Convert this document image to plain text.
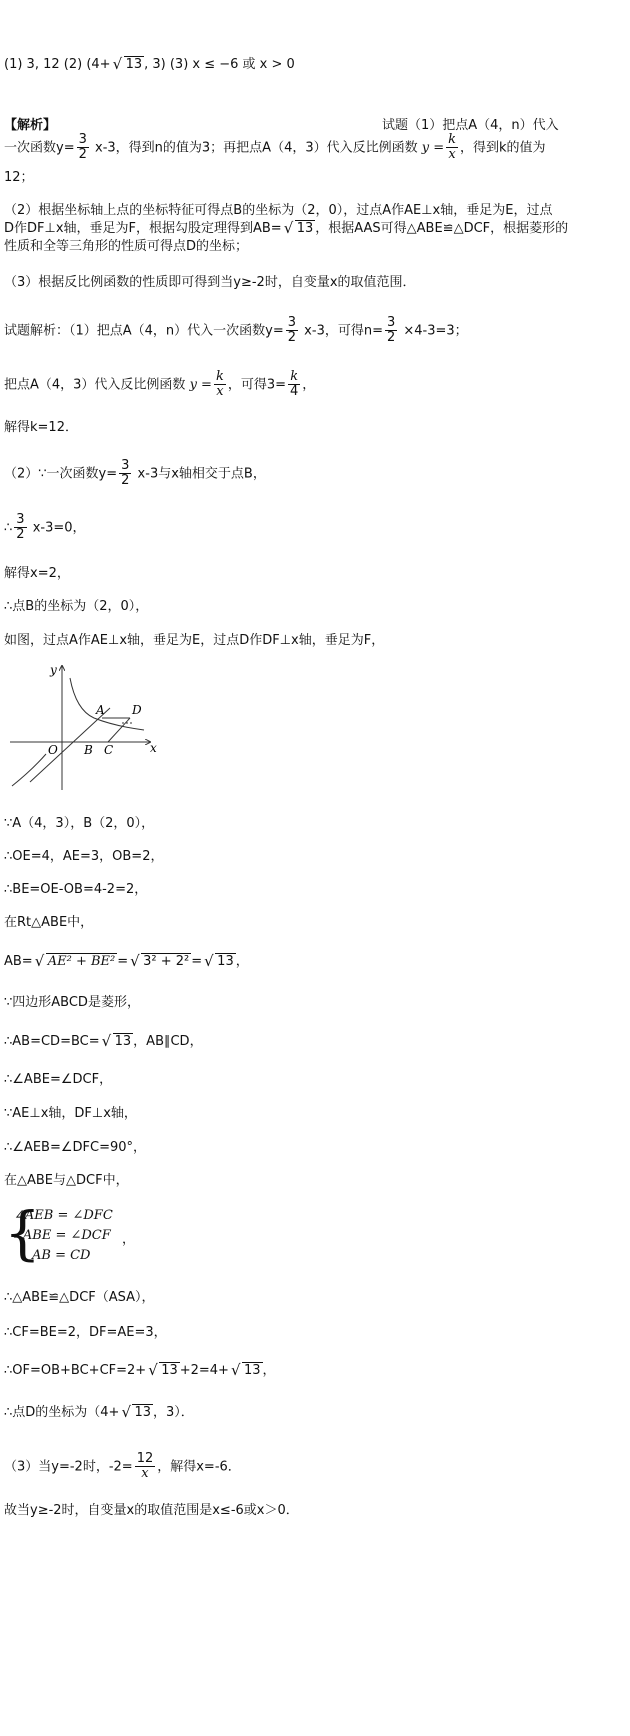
(1) 3, 12 (2) (4+ √ 13 , 3) (3) x ≤ −6 或 x > 0
【解析】	试题（1）把点A（4，n）代入
一次函数$y= \frac{3}{2} x-3$，得到n的值为3；再把点A（4，3）代入反比例函数 $y = \frac{k}{x}$ ，得到k的值为
12；
（2）根据坐标轴上点的坐标特征可得点B的坐标为（2，0），过点A作AE⊥x轴，垂足为E，过点
D作DF⊥x轴，垂足为F，根据勾股定理得到AB= √ 13 ，根据AAS可得△ABE≌△DCF，根据菱形的
性质和全等三角形的性质可得点D的坐标；
（3）根据反比例函数的性质即可得到当y≥-2时，自变量x的取值范围．
试题解析：（1）把点A（4，n）代入一次函数$y= \frac{3}{2} x-3$，可得$n= \frac{3}{2} \times 4-3=3$；
把点A（4，3）代入反比例函数 $y = \frac{k}{x}$ ，可得$3= \frac{k}{4}$ ，
解得k=12．
（2）∵一次函数$y= \frac{3}{2} x-3$与x轴相交于点B，
∴ $\frac{3}{2} x-3=0$，
解得x=2，
∴点B的坐标为（2，0），
如图，过点A作AE⊥x轴，垂足为E，过点D作DF⊥x轴，垂足为F，
y
x
O
A
B C
D
∵A（4，3），B（2，0），
∴OE=4，AE=3，OB=2，
∴BE=OE-OB=4-2=2，
在Rt△ABE中，
AB= √ AE² + BE² = √ 3² + 2² = √ 13 ，
∵四边形ABCD是菱形，
∴AB=CD=BC= √ 13 ，AB∥CD，
∴∠ABE=∠DCF，
∵AE⊥x轴，DF⊥x轴，
∴∠AEB=∠DFC=90°，
在△ABE与△DCF中，
{
∠AEB = ∠DFC
∠ABE = ∠DCF ，
AB = CD
∴△ABE≌△DCF（ASA），
∴CF=BE=2，DF=AE=3，
∴OF=OB+BC+CF=2+ √ 13 +2=4+ √ 13 ，
∴点D的坐标为（4+ √ 13 ，3）．
（3）当y=-2时，$-2= \frac{12}{x}$ ，解得x=-6．
故当y≥-2时，自变量x的取值范围是x≤-6或x＞0．
